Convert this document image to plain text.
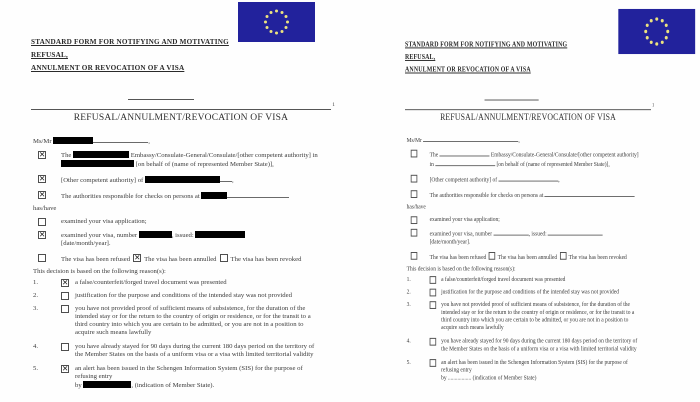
STANDARD FORM FOR NOTIFYING AND MOTIVATING REFUSAL,
ANNULMENT OR REVOCATION OF A VISA
1
REFUSAL/ANNULMENT/REVOCATION OF VISA
Ms/Mr	,
✕ The	Embassy/Consulate-General/Consulate/[other competent authority] in  [on behalf of (name of represented Member State)],
✕ [Other competent authority] of	,
✕ The authorities responsible for checks on persons at
has/have
examined your visa application;
✕ examined your visa, number	, issued:
[date/month/year].
The visa has been refused ✕ The visa has been annulled The visa has been revoked
This decision is based on the following reason(s):
1.	✕ a false/counterfeit/forged travel document was presented
2.	justification for the purpose and conditions of the intended stay was not provided
3.	you have not provided proof of sufficient means of subsistence, for the duration of the intended stay or for the return to the country of origin or residence, or for the transit to a third country into which you are certain to be admitted, or you are not in a position to acquire such means lawfully
4.	you have already stayed for 90 days during the current 180 days period on the territory of the Member States on the basis of a uniform visa or a visa with limited territorial validity
5.	✕ an alert has been issued in the Schengen Information System (SIS) for the purpose of refusing entry
by	, (indication of Member State).
STANDARD FORM FOR NOTIFYING AND MOTIVATING REFUSAL,
ANNULMENT OR REVOCATION OF A VISA
1
REFUSAL/ANNULMENT/REVOCATION OF VISA
Ms/Mr	,
The	Embassy/Consulate-General/Consulate/[other competent authority] in	[on behalf of (name of represented Member State)],
[Other competent authority] of	,
The authorities responsible for checks on persons at
has/have
examined your visa application;
examined your visa, number	, issued:
[date/month/year].
The visa has been refused The visa has been annulled The visa has been revoked
This decision is based on the following reason(s):
1.	a false/counterfeit/forged travel document was presented
2.	justification for the purpose and conditions of the intended stay was not provided
3.	you have not provided proof of sufficient means of subsistence, for the duration of the intended stay or for the return to the country of origin or residence, or for the transit to a third country into which you are certain to be admitted, or you are not in a position to acquire such means lawfully
4.	you have already stayed for 90 days during the current 180 days period on the territory of the Member States on the basis of a uniform visa or a visa with limited territorial validity
5.	an alert has been issued in the Schengen Information System (SIS) for the purpose of refusing entry
by ................. (indication of Member State)
